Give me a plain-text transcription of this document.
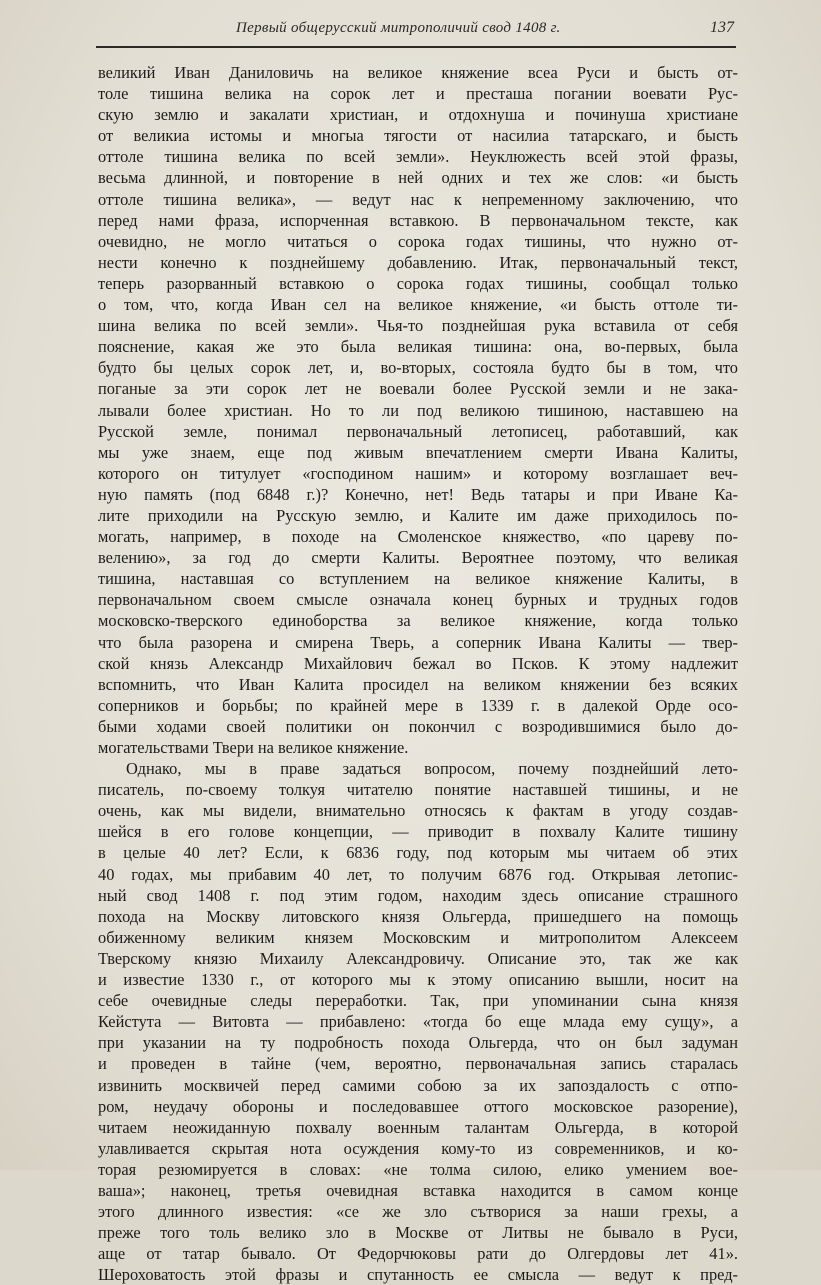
Первый общерусский митрополичий свод 1408 г.	137
великий Иван Даниловичь на великое княжение всеа Руси и бысть от-
толе тишина велика на сорок лет и престаша погании воевати Рус-
скую землю и закалати христиан, и отдохнуша и починуша христиане
от великиа истомы и многыа тягости от насилиа татарскаго, и бысть
оттоле тишина велика по всей земли». Неуклюжесть всей этой фразы,
весьма длинной, и повторение в ней одних и тех же слов: «и бысть
оттоле тишина велика», — ведут нас к непременному заключению, что
перед нами фраза, испорченная вставкою. В первоначальном тексте, как
очевидно, не могло читаться о сорока годах тишины, что нужно от-
нести конечно к позднейшему добавлению. Итак, первоначальный текст,
теперь разорванный вставкою о сорока годах тишины, сообщал только
о том, что, когда Иван сел на великое княжение, «и бысть оттоле ти-
шина велика по всей земли». Чья-то позднейшая рука вставила от себя
пояснение, какая же это была великая тишина: она, во-первых, была
будто бы целых сорок лет, и, во-вторых, состояла будто бы в том, что
поганые за эти сорок лет не воевали более Русской земли и не зака-
лывали более христиан. Но то ли под великою тишиною, наставшею на
Русской земле, понимал первоначальный летописец, работавший, как
мы уже знаем, еще под живым впечатлением смерти Ивана Калиты,
которого он титулует «господином нашим» и которому возглашает веч-
ную память (под 6848 г.)? Конечно, нет! Ведь татары и при Иване Ка-
лите приходили на Русскую землю, и Калите им даже приходилось по-
могать, например, в походе на Смоленское княжество, «по цареву по-
велению», за год до смерти Калиты. Вероятнее поэтому, что великая
тишина, наставшая со вступлением на великое княжение Калиты, в
первоначальном своем смысле означала конец бурных и трудных годов
московско-тверского единоборства за великое княжение, когда только
что была разорена и смирена Тверь, а соперник Ивана Калиты — твер-
ской князь Александр Михайлович бежал во Псков. К этому надлежит
вспомнить, что Иван Калита просидел на великом княжении без всяких
соперников и борьбы; по крайней мере в 1339 г. в далекой Орде осо-
быми ходами своей политики он покончил с возродившимися было до-
могательствами Твери на великое княжение.
Однако, мы в праве задаться вопросом, почему позднейший лето-
писатель, по-своему толкуя читателю понятие наставшей тишины, и не
очень, как мы видели, внимательно относясь к фактам в угоду создав-
шейся в его голове концепции, — приводит в похвалу Калите тишину
в целые 40 лет? Если, к 6836 году, под которым мы читаем об этих
40 годах, мы прибавим 40 лет, то получим 6876 год. Открывая летопис-
ный свод 1408 г. под этим годом, находим здесь описание страшного
похода на Москву литовского князя Ольгерда, пришедшего на помощь
обиженному великим князем Московским и митрополитом Алексеем
Тверскому князю Михаилу Александровичу. Описание это, так же как
и известие 1330 г., от которого мы к этому описанию вышли, носит на
себе очевидные следы переработки. Так, при упоминании сына князя
Кейстута — Витовта — прибавлено: «тогда бо еще млада ему сущу», а
при указании на ту подробность похода Ольгерда, что он был задуман
и проведен в тайне (чем, вероятно, первоначальная запись старалась
извинить москвичей перед самими собою за их запоздалость с отпо-
ром, неудачу обороны и последовавшее оттого московское разорение),
читаем неожиданную похвалу военным талантам Ольгерда, в которой
улавливается скрытая нота осуждения кому-то из современников, и ко-
торая резюмируется в словах: «не толма силою, елико умением вое-
ваша»; наконец, третья очевидная вставка находится в самом конце
этого длинного известия: «се же зло сътворися за наши грехы, а
преже того толь велико зло в Москве от Литвы не бывало в Руси,
аще от татар бывало. От Федорчюковы рати до Олгердовы лет 41».
Шероховатость этой фразы и спутанность ее смысла — ведут к пред-
